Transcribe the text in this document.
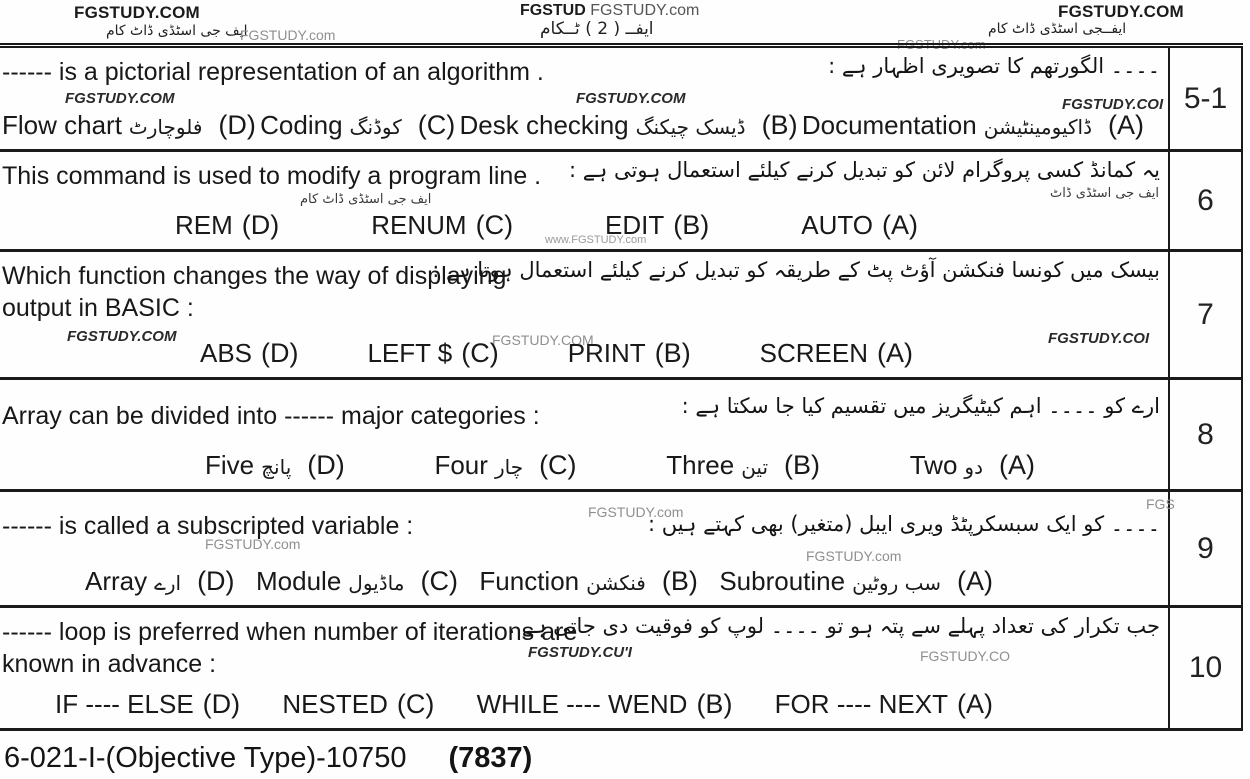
FGSTUDY.COM
ایف جی اسٹڈی ڈاٹ کام
FGSTUDY.com
FGSTUD FGSTUDY.com
ایفــ ( 2 ) ٹــکام
FGSTUDY.COM
ایفــجی اسٹڈی ڈاٹ کام
FGSTUDY.com
FGSTUDY.COM	FGSTUDY.COM	FGSTUDY.COI
------ is a pictorial representation of an algorithm .	۔۔۔۔ الگورتھم کا تصویری اظہار ہے :
Flow chart فلوچارٹ (D) Coding کوڈنگ (C) Desk checking ڈیسک چیکنگ (B) Documentation ڈاکیومینٹیشن (A)
5-1
ایف جی اسٹڈی ڈاٹ کام	ایف جی اسٹڈی ڈاٹ
www.FGSTUDY.com
This command is used to modify a program line . یہ کمانڈ کسی پروگرام لائن کو تبدیل کرنے کیلئے استعمال ہوتی ہے :
REM (D)	RENUM (C)	EDIT (B)	AUTO (A)
6
FGSTUDY.COM	FGSTUDY.COM	FGSTUDY.COI
Which function changes the way of displaying
output in BASIC :
بیسک میں کونسا فنکشن آؤٹ پٹ کے طریقہ کو تبدیل کرنے کیلئے استعمال ہوتا ہے :
ABS (D)	LEFT $ (C)	PRINT (B)	SCREEN (A)
7
Array can be divided into ------ major categories :	ارے کو ۔۔۔۔ اہم کیٹیگریز میں تقسیم کیا جا سکتا ہے :
Five پانچ (D)	Four چار (C)	Three تین (B)	Two دو (A)
8
FGSTUDY.com
FGSTUDY.com
FGSTUDY.com
FGS
------ is called a subscripted variable :	۔۔۔۔ کو ایک سبسکرپٹڈ ویری ایبل (متغیر) بھی کہتے ہیں :
Array ارے (D) Module ماڈیول (C) Function فنکشن (B) Subroutine سب روٹین (A)
9
FGSTUDY.CU'I	FGSTUDY.CO
------ loop is preferred when number of iterations are
known in advance :
جب تکرار کی تعداد پہلے سے پتہ ہو تو ۔۔۔۔ لوپ کو فوقیت دی جاتی ہے .
IF ---- ELSE (D) NESTED (C) WHILE ---- WEND (B) FOR ---- NEXT (A)
10
6-021-I-(Objective Type)-10750 (7837)
